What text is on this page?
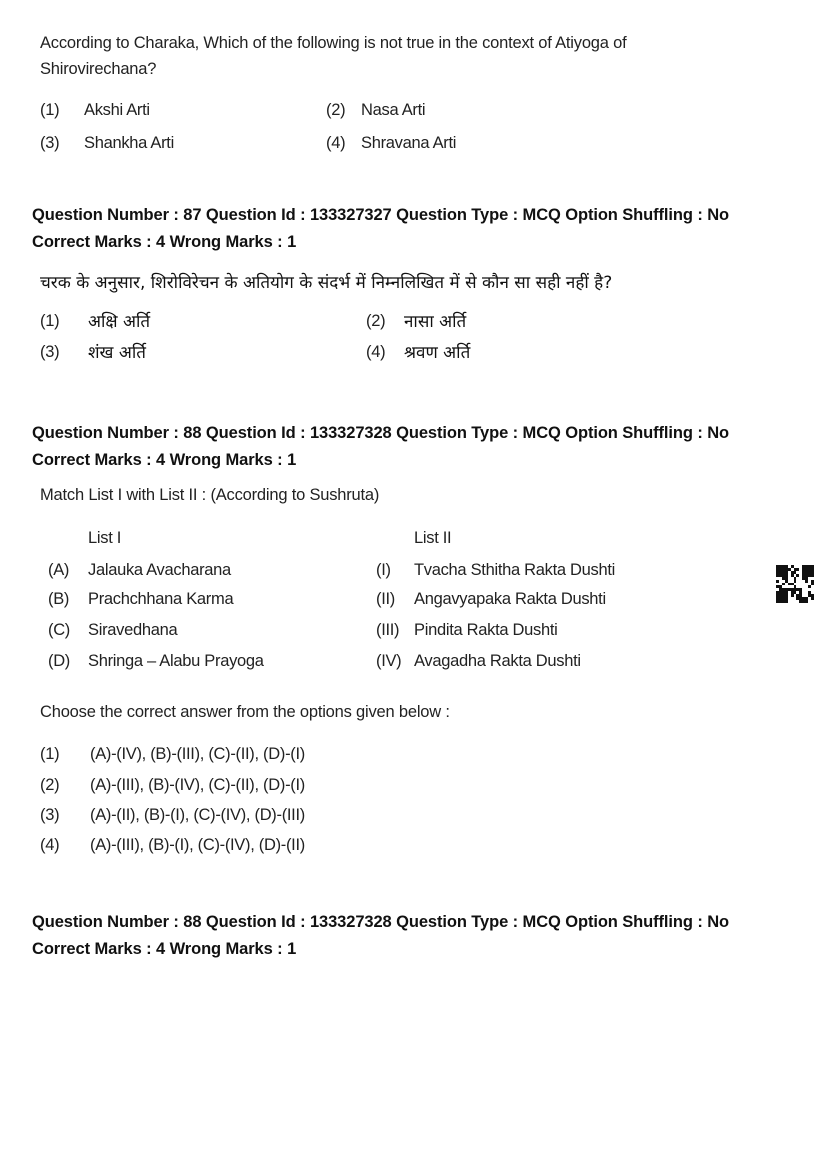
According to Charaka, Which of the following is not true in the context of Atiyoga of
Shirovirechana?
(1) Akshi Arti	(2) Nasa Arti
(3) Shankha Arti	(4) Shravana Arti
Question Number : 87 Question Id : 133327327 Question Type : MCQ Option Shuffling : No
Correct Marks : 4 Wrong Marks : 1
चरक के अनुसार, शिरोविरेचन के अतियोग के संदर्भ में निम्नलिखित में से कौन सा सही नहीं है?
(1) अक्षि अर्ति	(2) नासा अर्ति
(3) शंख अर्ति	(4) श्रवण अर्ति
Question Number : 88 Question Id : 133327328 Question Type : MCQ Option Shuffling : No
Correct Marks : 4 Wrong Marks : 1
Match List I with List II : (According to Sushruta)
List I	List II
(A) Jalauka Avacharana	(I) Tvacha Sthitha Rakta Dushti
(B) Prachchhana Karma	(II) Angavyapaka Rakta Dushti
(C) Siravedhana	(III) Pindita Rakta Dushti
(D) Shringa – Alabu Prayoga	(IV) Avagadha Rakta Dushti
Choose the correct answer from the options given below :
(1) (A)-(IV), (B)-(III), (C)-(II), (D)-(I)
(2) (A)-(III), (B)-(IV), (C)-(II), (D)-(I)
(3) (A)-(II), (B)-(I), (C)-(IV), (D)-(III)
(4) (A)-(III), (B)-(I), (C)-(IV), (D)-(II)
Question Number : 88 Question Id : 133327328 Question Type : MCQ Option Shuffling : No
Correct Marks : 4 Wrong Marks : 1
